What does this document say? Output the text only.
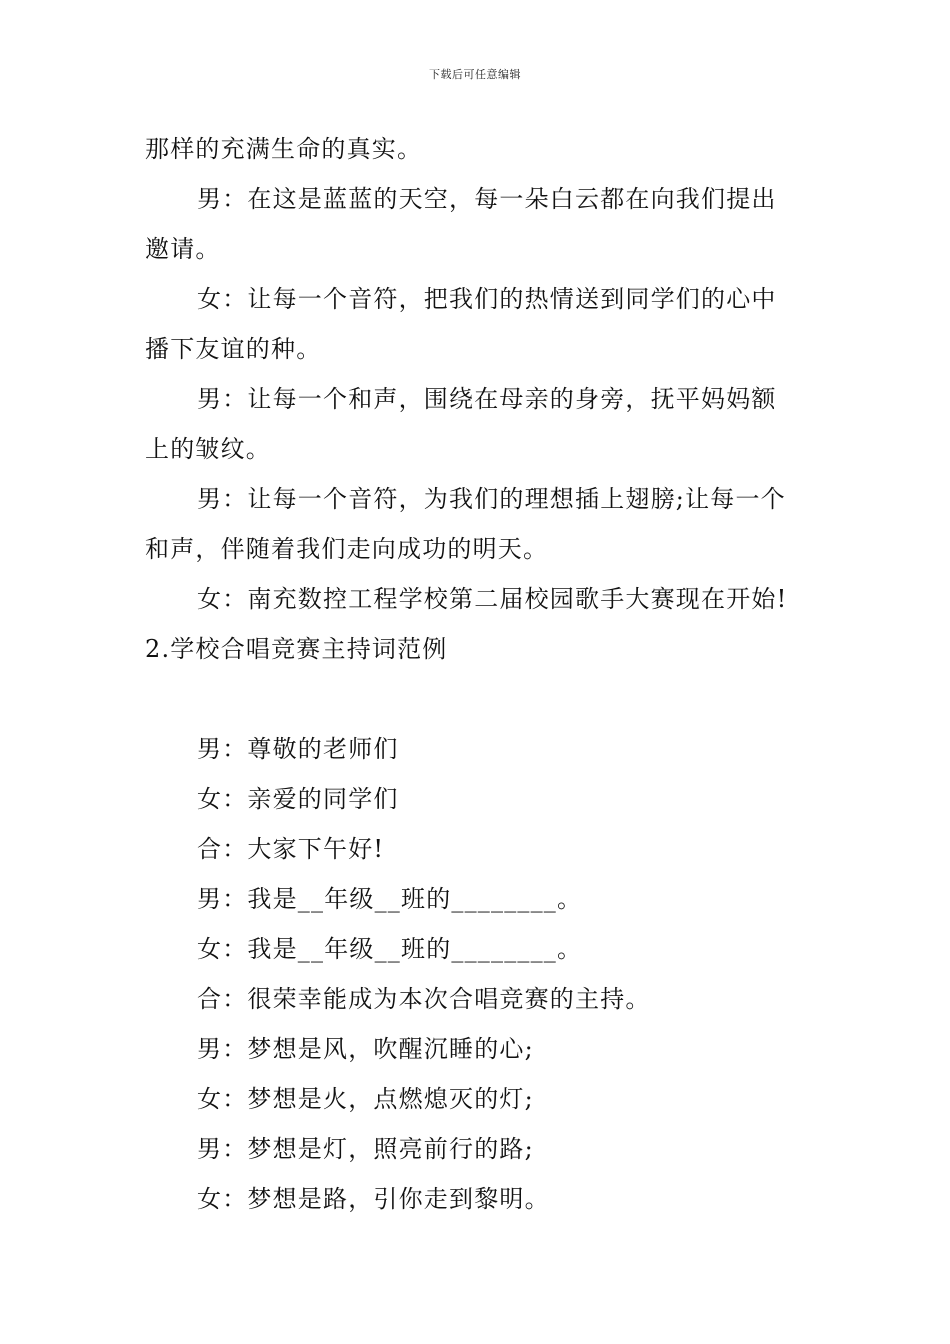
下载后可任意编辑
那样的充满生命的真实。
男：在这是蓝蓝的天空，每一朵白云都在向我们提出
邀请。
女：让每一个音符，把我们的热情送到同学们的心中
播下友谊的种。
男：让每一个和声，围绕在母亲的身旁，抚平妈妈额
上的皱纹。
男：让每一个音符，为我们的理想插上翅膀;让每一个
和声，伴随着我们走向成功的明天。
女：南充数控工程学校第二届校园歌手大赛现在开始!
2.学校合唱竞赛主持词范例
男：尊敬的老师们
女：亲爱的同学们
合：大家下午好!
男：我是__年级__班的________。
女：我是__年级__班的________。
合：很荣幸能成为本次合唱竞赛的主持。
男：梦想是风，吹醒沉睡的心;
女：梦想是火，点燃熄灭的灯;
男：梦想是灯，照亮前行的路;
女：梦想是路，引你走到黎明。
